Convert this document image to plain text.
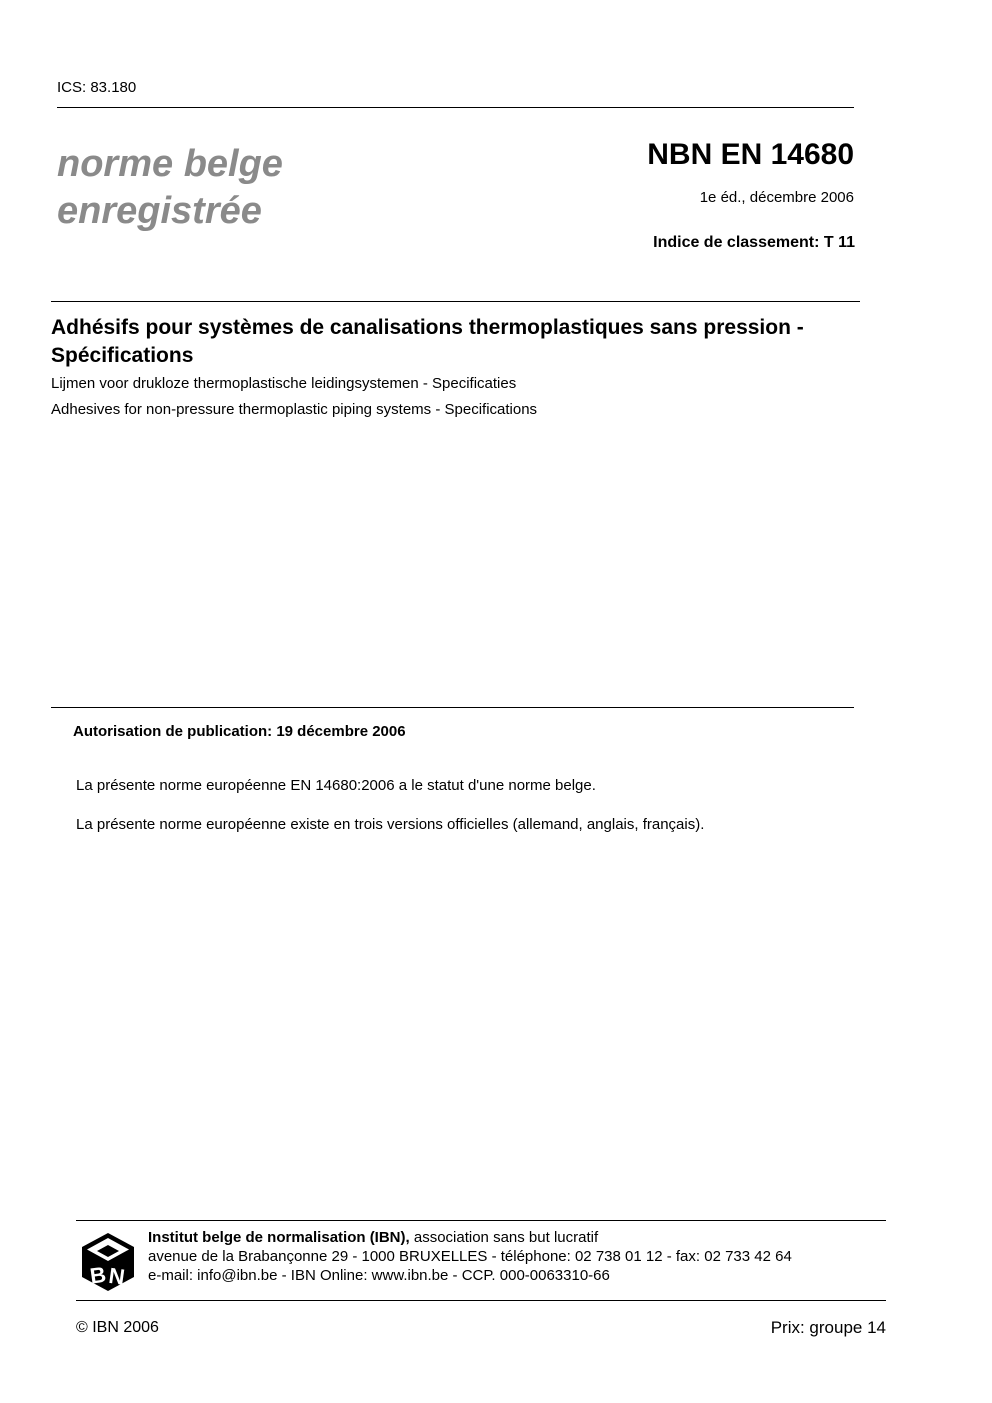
ICS: 83.180
norme belge
enregistrée
NBN EN 14680
1e éd., décembre 2006
Indice de classement: T 11
Adhésifs pour systèmes de canalisations thermoplastiques sans pression - Spécifications
Lijmen voor drukloze thermoplastische leidingsystemen - Specificaties
Adhesives for non-pressure thermoplastic piping systems - Specifications
Autorisation de publication: 19 décembre 2006
La présente norme européenne EN 14680:2006 a le statut d'une norme belge.
La présente norme européenne existe en trois versions officielles (allemand, anglais, français).
B N
Institut belge de normalisation (IBN), association sans but lucratif
avenue de la Brabançonne 29 - 1000 BRUXELLES - téléphone: 02 738 01 12 - fax: 02 733 42 64
e-mail: info@ibn.be - IBN Online: www.ibn.be - CCP. 000-0063310-66
© IBN 2006	Prix: groupe 14
